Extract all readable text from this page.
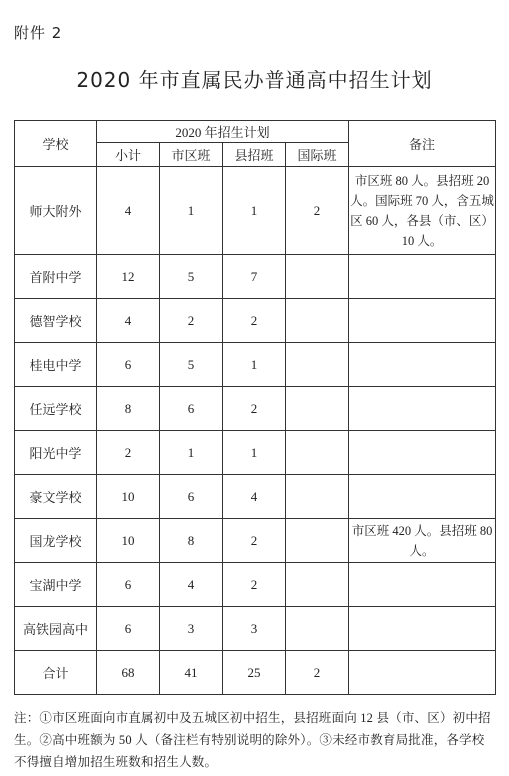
附件 2
2020 年市直属民办普通高中招生计划
学校	2020 年招生计划				备注
	小计	市区班	县招班	国际班	
师大附外	4	1	1	2	市区班 80 人。县招班 20 人。国际班 70 人，含五城区 60 人，各县（市、区）10 人。
首附中学	12	5	7		
德智学校	4	2	2		
桂电中学	6	5	1		
任远学校	8	6	2		
阳光中学	2	1	1		
豪文学校	10	6	4		
国龙学校	10	8	2		市区班 420 人。县招班 80 人。
宝湖中学	6	4	2		
高铁园高中	6	3	3		
合计	68	41	25	2	
注：①市区班面向市直属初中及五城区初中招生，县招班面向 12 县（市、区）初中招生。②高中班额为 50 人（备注栏有特别说明的除外）。③未经市教育局批准，各学校不得擅自增加招生班数和招生人数。
